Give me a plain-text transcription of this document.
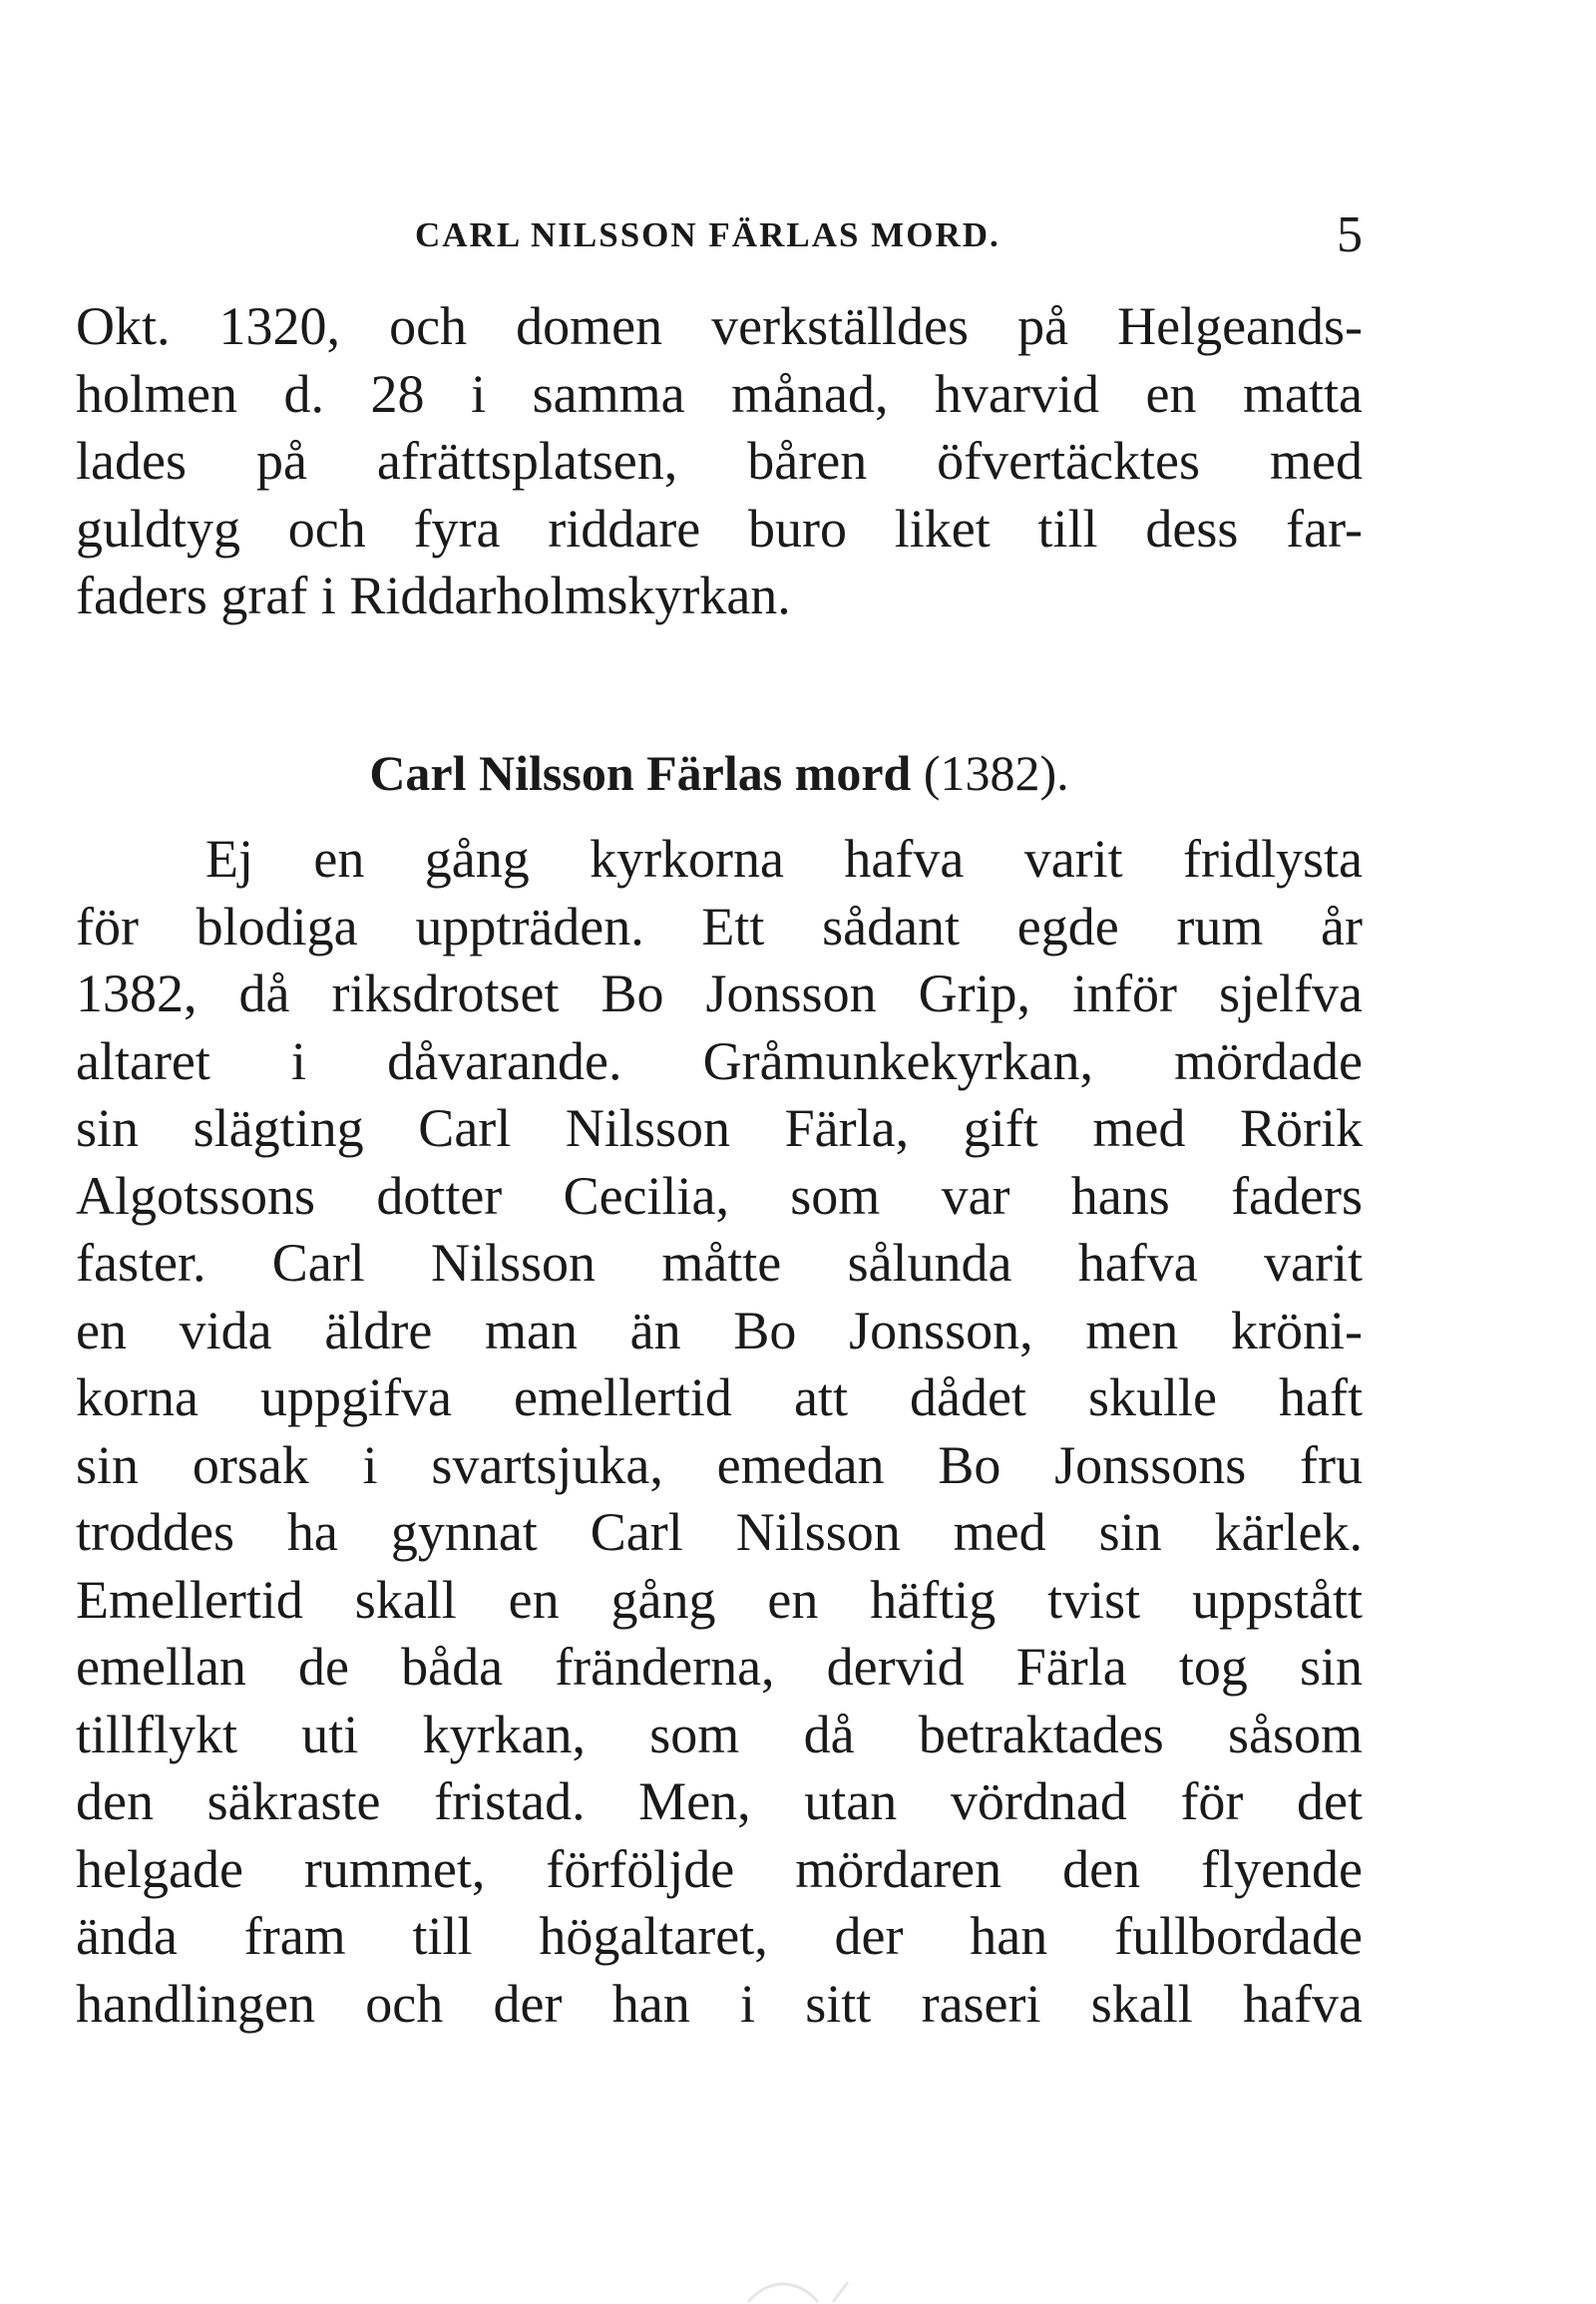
CARL NILSSON FÄRLAS MORD.	5
Okt. 1320, och domen verkställdes på Helgeands-
holmen d. 28 i samma månad, hvarvid en matta
lades på afrättsplatsen, båren öfvertäcktes med
guldtyg och fyra riddare buro liket till dess far-
faders graf i Riddarholmskyrkan.
Carl Nilsson Färlas mord (1382).
Ej en gång kyrkorna hafva varit fridlysta
för blodiga uppträden. Ett sådant egde rum år
1382, då riksdrotset Bo Jonsson Grip, inför sjelfva
altaret i dåvarande. Gråmunkekyrkan, mördade
sin slägting Carl Nilsson Färla, gift med Rörik
Algotssons dotter Cecilia, som var hans faders
faster. Carl Nilsson måtte sålunda hafva varit
en vida äldre man än Bo Jonsson, men kröni-
korna uppgifva emellertid att dådet skulle haft
sin orsak i svartsjuka, emedan Bo Jonssons fru
troddes ha gynnat Carl Nilsson med sin kärlek.
Emellertid skall en gång en häftig tvist uppstått
emellan de båda fränderna, dervid Färla tog sin
tillflykt uti kyrkan, som då betraktades såsom
den säkraste fristad. Men, utan vördnad för det
helgade rummet, förföljde mördaren den flyende
ända fram till högaltaret, der han fullbordade
handlingen och der han i sitt raseri skall hafva
